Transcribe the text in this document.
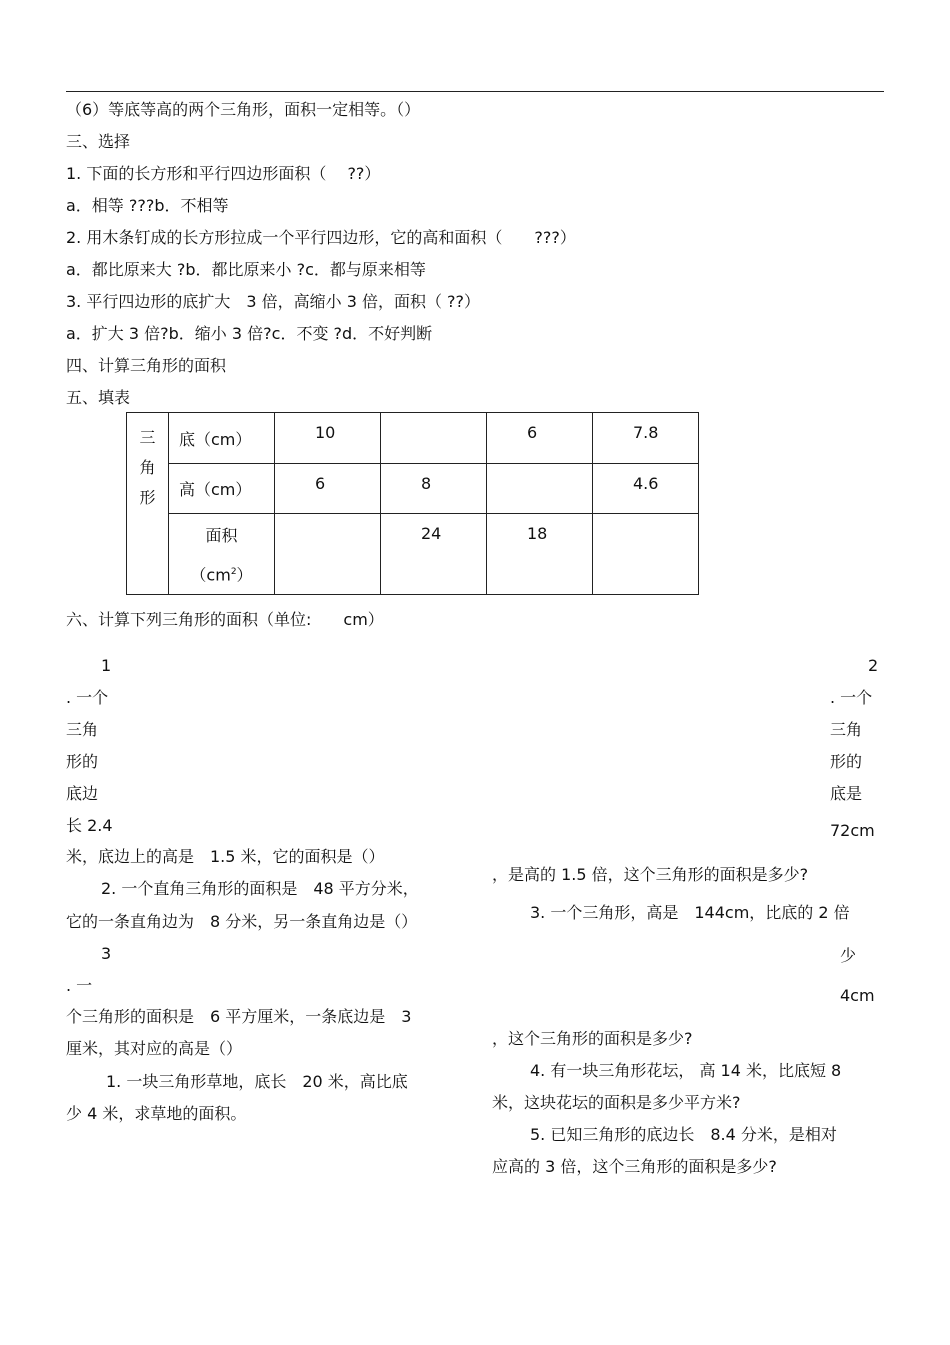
（6）等底等高的两个三角形，面积一定相等。（）
三、选择
1. 下面的长方形和平行四边形面积（　 ??）
a．相等 ???b．不相等
2. 用木条钉成的长方形拉成一个平行四边形，它的高和面积（　　???）
a．都比原来大 ?b．都比原来小 ?c．都与原来相等
3. 平行四边形的底扩大　3 倍，高缩小 3 倍，面积（ ??）
a．扩大 3 倍?b．缩小 3 倍?c．不变 ?d．不好判断
四、计算三角形的面积
五、填表
三
角
形	底（cm）	10		6	7.8
	高（cm）	6	8		4.6

	面积
$(cm^2)$		24	18	
六、计算下列三角形的面积（单位:　　cm）
1
. 一个
三角
形的
底边
长 2.4
米，底边上的高是　1.5 米，它的面积是（）
2. 一个直角三角形的面积是　48 平方分米，
它的一条直角边为　8 分米，另一条直角边是（）
3
. 一
个三角形的面积是　6 平方厘米，一条底边是　3
厘米，其对应的高是（）
1. 一块三角形草地，底长　20 米，高比底
少 4 米，求草地的面积。
2
. 一个
三角
形的
底是
72cm
，是高的 1.5 倍，这个三角形的面积是多少?
3. 一个三角形，高是　144cm，比底的 2 倍
少
4cm
，这个三角形的面积是多少?
4. 有一块三角形花坛， 高 14 米，比底短 8
米，这块花坛的面积是多少平方米?
5. 已知三角形的底边长　8.4 分米，是相对
应高的 3 倍，这个三角形的面积是多少?
